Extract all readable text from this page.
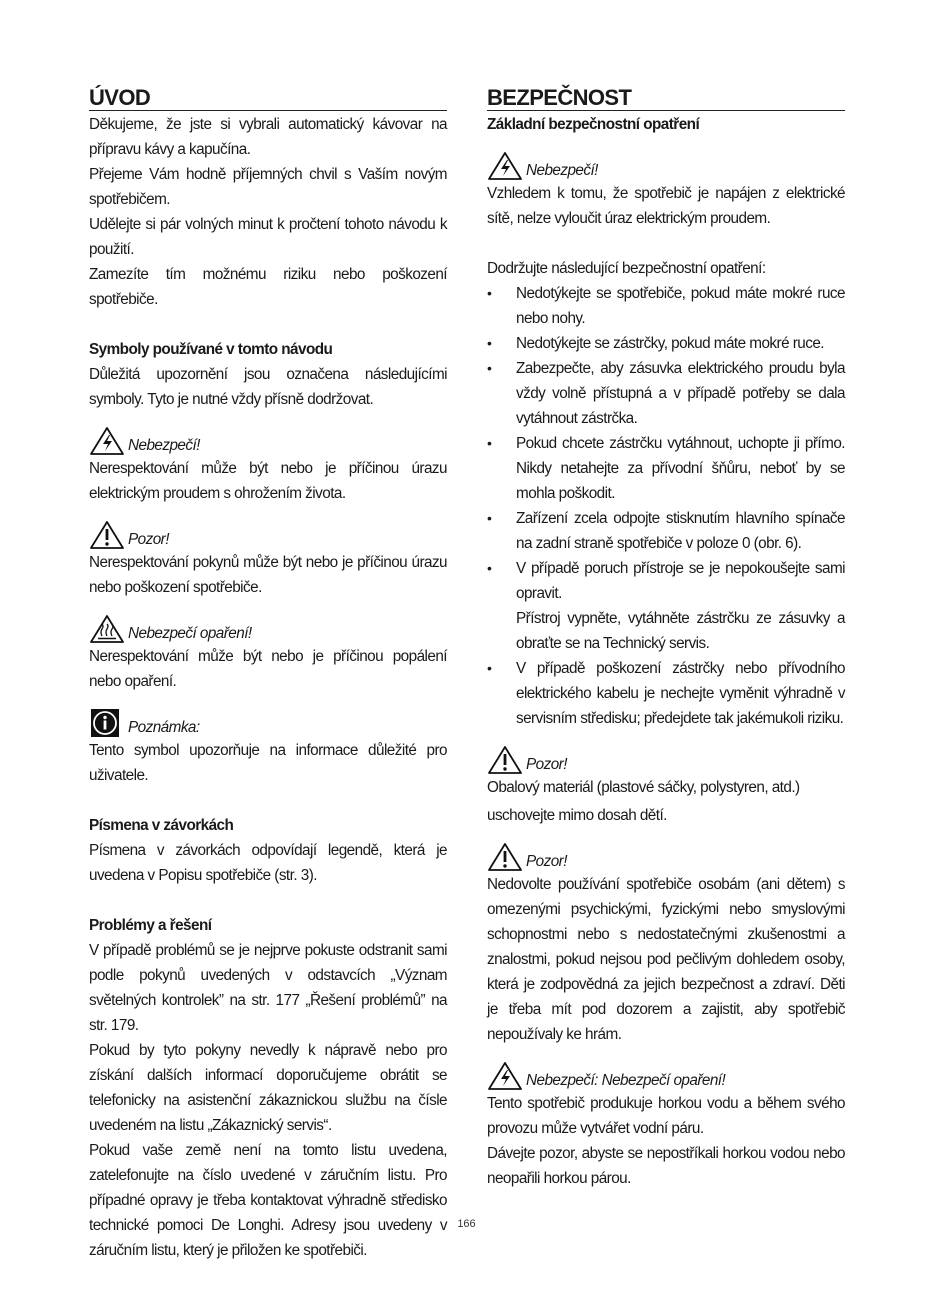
ÚVOD

Děkujeme, že jste si vybrali automatický kávovar na přípravu kávy a kapučína.

Přejeme Vám hodně příjemných chvil s Vaším novým spotřebičem.

Udělejte si pár volných minut k pročtení tohoto návodu k použití.

Zamezíte tím možnému riziku nebo poškození spotřebiče.

Symboly používané v tomto návodu

Důležitá upozornění jsou označena následujícími symboly. Tyto je nutné vždy přísně dodržovat.

Nebezpečí!

Nerespektování může být nebo je příčinou úrazu elektrickým proudem s ohrožením života.

Pozor!

Nerespektování pokynů může být nebo je příčinou úrazu nebo poškození spotřebiče.

Nebezpečí opaření!

Nerespektování může být nebo je příčinou popálení nebo opaření.

Poznámka:

Tento symbol upozorňuje na informace důležité pro uživatele.

Písmena v závorkách

Písmena v závorkách odpovídají legendě, která je uvedena v Popisu spotřebiče (str. 3).

Problémy a řešení

V případě problémů se je nejprve pokuste odstranit sami podle pokynů uvedených v odstavcích „Význam světelných kontrolek” na str. 177 „Řešení problémů” na str. 179.

Pokud by tyto pokyny nevedly k nápravě nebo pro získání dalších informací doporučujeme obrátit se telefonicky na asistenční zákaznickou službu na čísle uvedeném na listu „Zákaznický servis“.

Pokud vaše země není na tomto listu uvedena, zatelefonujte na číslo uvedené v záručním listu. Pro případné opravy je třeba kontaktovat výhradně středisko technické pomoci De Longhi. Adresy jsou uvedeny v záručním listu, který je přiložen ke spotřebiči.

BEZPEČNOST
Základní bezpečnostní opatření
Nebezpečí!

Vzhledem k tomu, že spotřebič je napájen z elektrické sítě, nelze vyloučit úraz elektrickým proudem.

Dodržujte následující bezpečnostní opatření:

• Nedotýkejte se spotřebiče, pokud máte mokré ruce nebo nohy.

• Nedotýkejte se zástrčky, pokud máte mokré ruce.

• Zabezpečte, aby zásuvka elektrického proudu byla vždy volně přístupná a v případě potřeby se dala vytáhnout zástrčka.

• Pokud chcete zástrčku vytáhnout, uchopte ji přímo. Nikdy netahejte za přívodní šňůru, neboť by se mohla poškodit.

• Zařízení zcela odpojte stisknutím hlavního spínače na zadní straně spotřebiče v poloze 0 (obr. 6).

• V případě poruch přístroje se je nepokoušejte sami opravit.

Přístroj vypněte, vytáhněte zástrčku ze zásuvky a obraťte se na Technický servis.

• V případě poškození zástrčky nebo přívodního elektrického kabelu je nechejte vyměnit výhradně v servisním středisku; předejdete tak jakémukoli riziku.

Pozor!

Obalový materiál (plastové sáčky, polystyren, atd.)

uschovejte mimo dosah dětí.

Pozor!

Nedovolte používání spotřebiče osobám (ani dětem) s omezenými psychickými, fyzickými nebo smyslovými schopnostmi nebo s nedostatečnými zkušenostmi a znalostmi, pokud nejsou pod pečlivým dohledem osoby, která je zodpovědná za jejich bezpečnost a zdraví. Děti je třeba mít pod dozorem a zajistit, aby spotřebič nepoužívaly ke hrám.

Nebezpečí: Nebezpečí opaření!

Tento spotřebič produkuje horkou vodu a během svého provozu může vytvářet vodní páru.

Dávejte pozor, abyste se nepostříkali horkou vodou nebo neopařili horkou párou.

166
